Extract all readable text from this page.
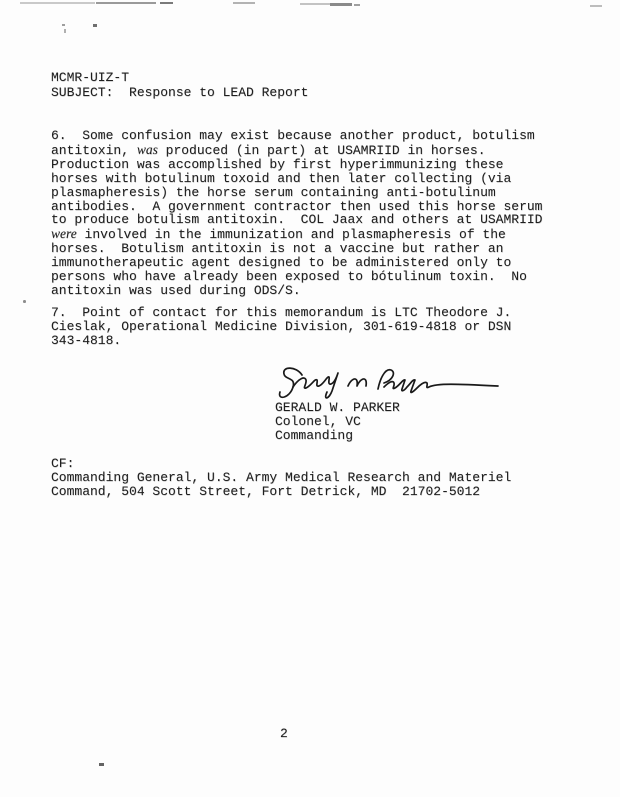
MCMR-UIZ-T
SUBJECT:  Response to LEAD Report
6.  Some confusion may exist because another product, botulism
antitoxin, was produced (in part) at USAMRIID in horses.
Production was accomplished by first hyperimmunizing these
horses with botulinum toxoid and then later collecting (via
plasmapheresis) the horse serum containing anti-botulinum
antibodies.  A government contractor then used this horse serum
to produce botulism antitoxin.  COL Jaax and others at USAMRIID
were involved in the immunization and plasmapheresis of the
horses.  Botulism antitoxin is not a vaccine but rather an
immunotherapeutic agent designed to be administered only to
persons who have already been exposed to bótulinum toxin.  No
antitoxin was used during ODS/S.
7.  Point of contact for this memorandum is LTC Theodore J.
Cieslak, Operational Medicine Division, 301-619-4818 or DSN
343-4818.
GERALD W. PARKER
Colonel, VC
Commanding
CF:
Commanding General, U.S. Army Medical Research and Materiel
Command, 504 Scott Street, Fort Detrick, MD  21702-5012
2
